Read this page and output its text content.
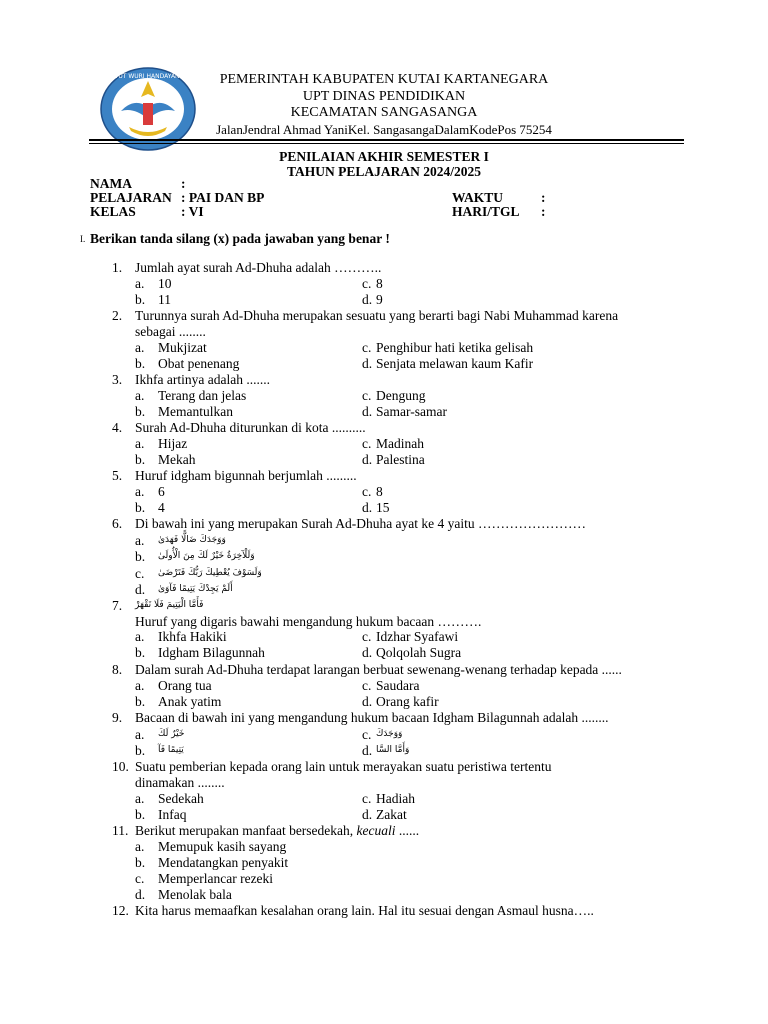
TUT WURI HANDAYANI	PEMERINTAH KABUPATEN KUTAI KARTANEGARA
UPT DINAS PENDIDIKAN
KECAMATAN SANGASANGA
JalanJendral Ahmad YaniKel. SangasangaDalamKodePos 75254
PENILAIAN AKHIR SEMESTER I
TAHUN PELAJARAN 2024/2025
NAMA	:
PELAJARAN : PAI DAN BP
KELAS	: VI
WAKTU	:
HARI/TGL :
I. Berikan tanda silang (x) pada jawaban yang benar !
1. Jumlah ayat surah Ad-Dhuha adalah ………..
a. 10	c. 8
b. 11	d. 9
2. Turunnya surah Ad-Dhuha merupakan sesuatu yang berarti bagi Nabi Muhammad karena
sebagai ........
a. Mukjizat	c. Penghibur hati ketika gelisah
b. Obat penenang	d. Senjata melawan kaum Kafir
3. Ikhfa artinya adalah .......
a. Terang dan jelas	c. Dengung
b. Memantulkan	d. Samar-samar
4. Surah Ad-Dhuha diturunkan di kota ..........
a. Hijaz	c. Madinah
b. Mekah	d. Palestina
5. Huruf idgham bigunnah berjumlah .........
a. 6	c. 8
b. 4	d. 15
6. Di bawah ini yang merupakan Surah Ad-Dhuha ayat ke 4 yaitu ……………………
a. وَوَجَدَكَ ضَالًّا فَهَدَىٰ
b. وَلَلْآخِرَةُ خَيْرٌ لَكَ مِنَ الْأُولَىٰ
c. وَلَسَوْفَ يُعْطِيكَ رَبُّكَ فَتَرْضَىٰ
d. أَلَمْ يَجِدْكَ يَتِيمًا فَآوَىٰ
7. فَأَمَّا الْيَتِيمَ فَلَا تَقْهَرْ
Huruf yang digaris bawahi mengandung hukum bacaan ……….
a. Ikhfa Hakiki	c. Idzhar Syafawi
b. Idgham Bilagunnah	d. Qolqolah Sugra
8. Dalam surah Ad-Dhuha terdapat larangan berbuat sewenang-wenang terhadap kepada ......
a. Orang tua	c. Saudara
b. Anak yatim	d. Orang kafir
9. Bacaan di bawah ini yang mengandung hukum bacaan Idgham Bilagunnah adalah ........
a. خَيْرٌ لَكَ	c. وَوَجَدَكَ
b. يَتِيمًا فَآ	d. وَأَمَّا السَّا
10. Suatu pemberian kepada orang lain untuk merayakan suatu peristiwa tertentu
dinamakan ........
a. Sedekah	c. Hadiah
b. Infaq	d. Zakat
11. Berikut merupakan manfaat bersedekah, kecuali ......
a. Memupuk kasih sayang
b. Mendatangkan penyakit
c. Memperlancar rezeki
d. Menolak bala
12. Kita harus memaafkan kesalahan orang lain. Hal itu sesuai dengan Asmaul husna…..
